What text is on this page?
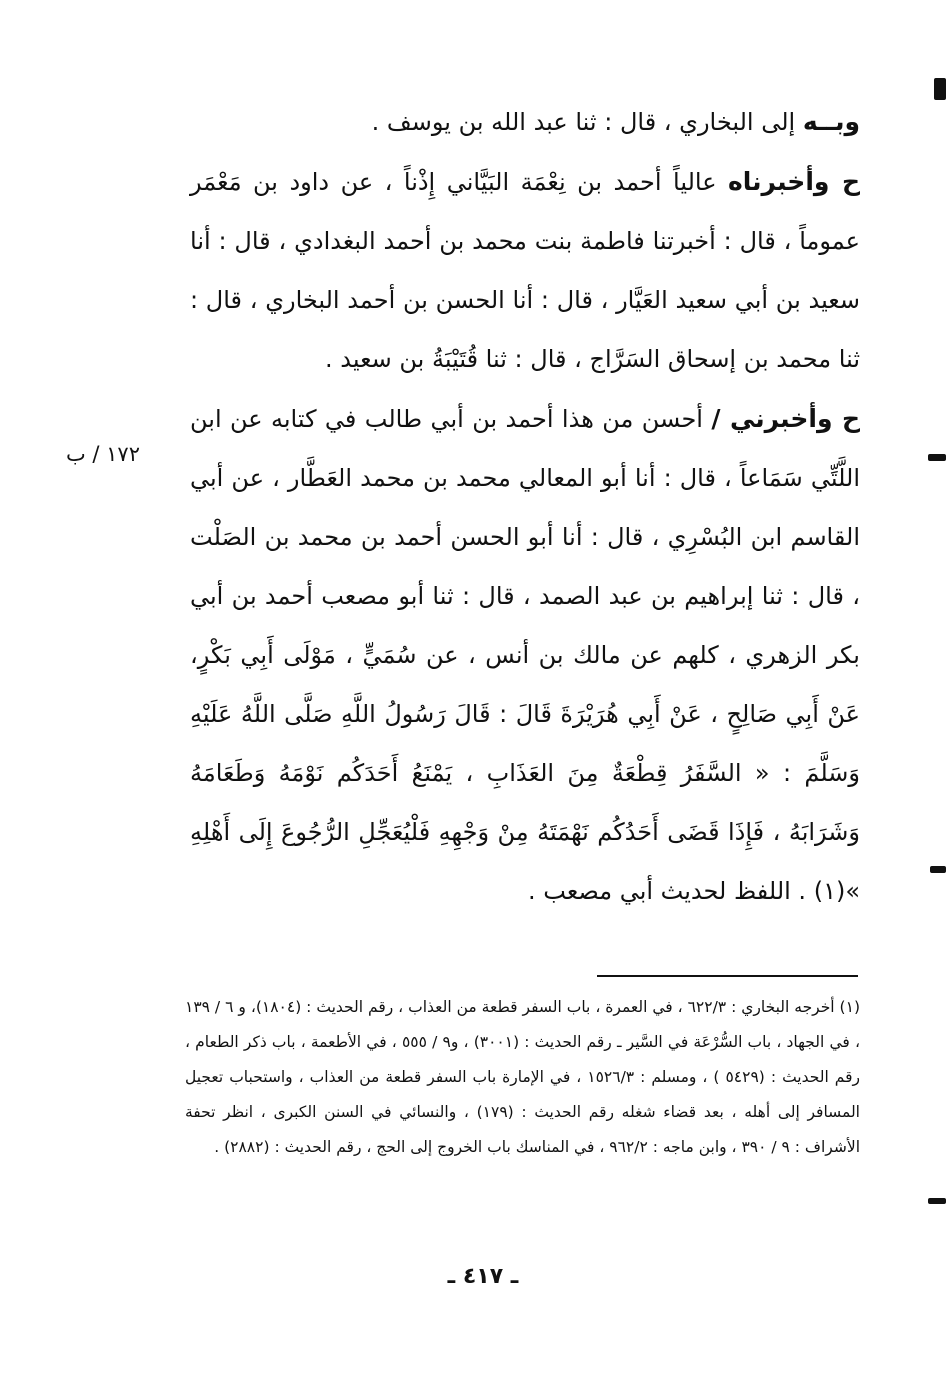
وبــه إلى البخاري ، قال : ثنا عبد الله بن يوسف .

ح وأخبرناه عالياً أحمد بن نِعْمَة البَيَّاني إِذْناً ، عن داود بن مَعْمَر عموماً ، قال : أخبرتنا فاطمة بنت محمد بن أحمد البغدادي ، قال : أنا سعيد بن أبي سعيد العَيَّار ، قال : أنا الحسن بن أحمد البخاري ، قال : ثنا محمد بن إسحاق السَرَّاج ، قال : ثنا قُتَيْبَةُ بن سعيد .

ح وأخبرني / أحسن من هذا أحمد بن أبي طالب في كتابه عن ابن اللَّتِّي سَمَاعاً ، قال : أنا أبو المعالي محمد بن محمد العَطَّار ، عن أبي القاسم ابن البُسْرِي ، قال : أنا أبو الحسن أحمد بن محمد بن الصَلْت ، قال : ثنا إبراهيم بن عبد الصمد ، قال : ثنا أبو مصعب أحمد بن أبي بكر الزهري ، كلهم عن مالك بن أنس ، عن سُمَيٍّ ، مَوْلَى أَبِي بَكْرٍ، عَنْ أَبِي صَالِحٍ ، عَنْ أَبِي هُرَيْرَةَ قَالَ : قَالَ رَسُولُ اللَّهِ صَلَّى اللَّهُ عَلَيْهِ وَسَلَّمَ : « السَّفَرُ قِطْعَةٌ مِنَ العَذَابِ ، يَمْنَعُ أَحَدَكُم نَوْمَهُ وَطَعَامَهُ وَشَرَابَهُ ، فَإِذَا قَضَى أَحَدُكُم نَهْمَتَهُ مِنْ وَجْهِهِ فَلْيُعَجِّلِ الرُّجُوعَ إِلَى أَهْلِهِ »(١) . اللفظ لحديث أبي مصعب .

١٧٢ / ب

(١) أخرجه البخاري : ٦٢٢/٣ ، في العمرة ، باب السفر قطعة من العذاب ، رقم الحديث : (١٨٠٤)، و ٦ / ١٣٩ ، في الجهاد ، باب السُّرْعَة في السَّير ـ رقم الحديث : (٣٠٠١) ، و٩ / ٥٥٥ ، في الأطعمة ، باب ذكر الطعام ، رقم الحديث : (٥٤٢٩ ) ، ومسلم : ١٥٢٦/٣ ، في الإمارة باب السفر قطعة من العذاب ، واستحباب تعجيل المسافر إلى أهله ، بعد قضاء شغله رقم الحديث : (١٧٩) ، والنسائي في السنن الكبرى ، انظر تحفة الأشراف : ٩ / ٣٩٠ ، وابن ماجه : ٩٦٢/٢ ، في المناسك باب الخروج إلى الحج ، رقم الحديث : (٢٨٨٢) .

ـ ٤١٧ ـ
